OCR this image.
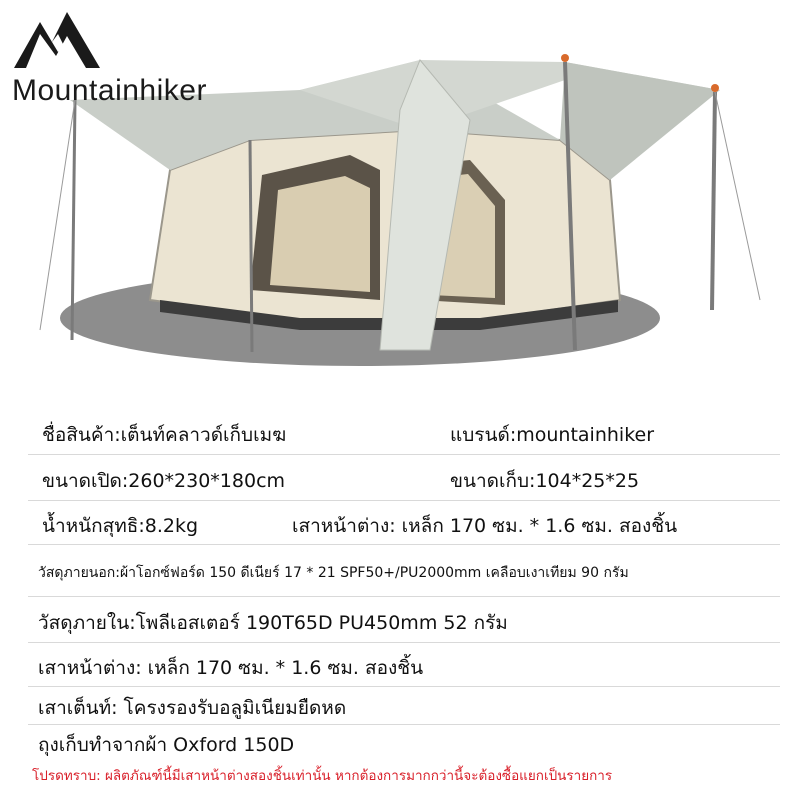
Mountainhiker
ชื่อสินค้า:เต็นท์คลาวด์เก็บเมฆ	แบรนด์:mountainhiker
ขนาดเปิด:260*230*180cm	ขนาดเก็บ:104*25*25
น้ำหนักสุทธิ:8.2kg	เสาหน้าต่าง: เหล็ก 170 ซม. * 1.6 ซม. สองชิ้น
วัสดุภายนอก:ผ้าโอกซ์ฟอร์ด 150 ดีเนียร์ 17 * 21 SPF50+/PU2000mm เคลือบเงาเทียม 90 กรัม
วัสดุภายใน:โพลีเอสเตอร์ 190T65D PU450mm 52 กรัม
เสาหน้าต่าง: เหล็ก 170 ซม. * 1.6 ซม. สองชิ้น
เสาเต็นท์: โครงรองรับอลูมิเนียมยืดหด
ถุงเก็บทำจากผ้า Oxford 150D
โปรดทราบ: ผลิตภัณฑ์นี้มีเสาหน้าต่างสองชิ้นเท่านั้น หากต้องการมากกว่านี้จะต้องซื้อแยกเป็นรายการ
